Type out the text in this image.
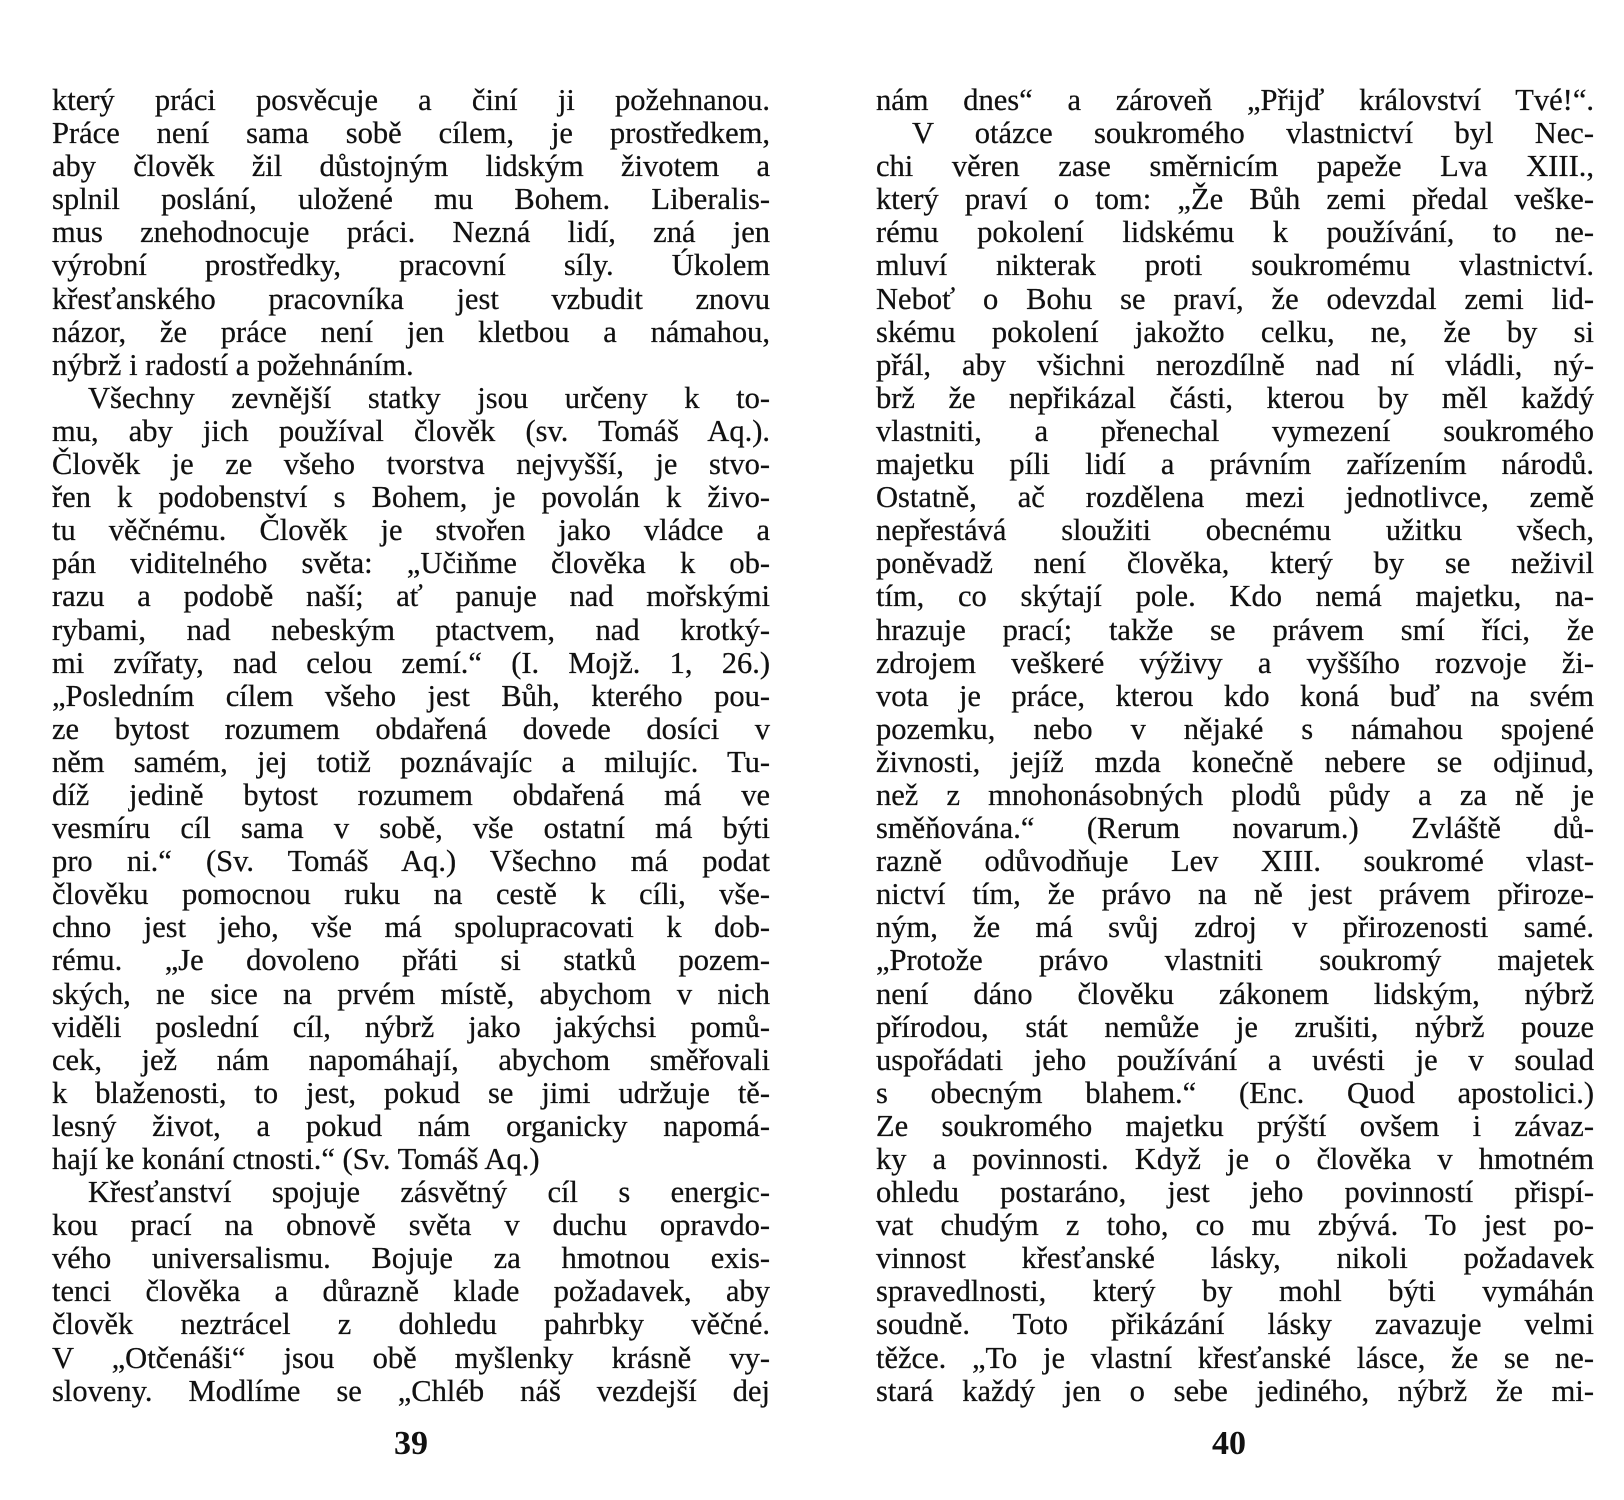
který práci posvěcuje a činí ji požehnanou.
Práce není sama sobě cílem, je prostředkem,
aby člověk žil důstojným lidským životem a
splnil poslání, uložené mu Bohem. Liberalis-
mus znehodnocuje práci. Nezná lidí, zná jen
výrobní prostředky, pracovní síly. Úkolem
křesťanského pracovníka jest vzbudit znovu
názor, že práce není jen kletbou a námahou,
nýbrž i radostí a požehnáním.
Všechny zevnější statky jsou určeny k to-
mu, aby jich používal člověk (sv. Tomáš Aq.).
Člověk je ze všeho tvorstva nejvyšší, je stvo-
řen k podobenství s Bohem, je povolán k živo-
tu věčnému. Člověk je stvořen jako vládce a
pán viditelného světa: „Učiňme člověka k ob-
razu a podobě naší; ať panuje nad mořskými
rybami, nad nebeským ptactvem, nad krotký-
mi zvířaty, nad celou zemí.“ (I. Mojž. 1, 26.)
„Posledním cílem všeho jest Bůh, kterého pou-
ze bytost rozumem obdařená dovede dosíci v
něm samém, jej totiž poznávajíc a milujíc. Tu-
díž jedině bytost rozumem obdařená má ve
vesmíru cíl sama v sobě, vše ostatní má býti
pro ni.“ (Sv. Tomáš Aq.) Všechno má podat
člověku pomocnou ruku na cestě k cíli, vše-
chno jest jeho, vše má spolupracovati k dob-
rému. „Je dovoleno přáti si statků pozem-
ských, ne sice na prvém místě, abychom v nich
viděli poslední cíl, nýbrž jako jakýchsi pomů-
cek, jež nám napomáhají, abychom směřovali
k blaženosti, to jest, pokud se jimi udržuje tě-
lesný život, a pokud nám organicky napomá-
hají ke konání ctnosti.“ (Sv. Tomáš Aq.)
Křesťanství spojuje zásvětný cíl s energic-
kou prací na obnově světa v duchu opravdo-
vého universalismu. Bojuje za hmotnou exis-
tenci člověka a důrazně klade požadavek, aby
člověk neztrácel z dohledu pahrbky věčné.
V „Otčenáši“ jsou obě myšlenky krásně vy-
sloveny. Modlíme se „Chléb náš vezdejší dej
nám dnes“ a zároveň „Přijď království Tvé!“.
V otázce soukromého vlastnictví byl Nec-
chi věren zase směrnicím papeže Lva XIII.,
který praví o tom: „Že Bůh zemi předal veške-
rému pokolení lidskému k používání, to ne-
mluví nikterak proti soukromému vlastnictví.
Neboť o Bohu se praví, že odevzdal zemi lid-
skému pokolení jakožto celku, ne, že by si
přál, aby všichni nerozdílně nad ní vládli, ný-
brž že nepřikázal části, kterou by měl každý
vlastniti, a přenechal vymezení soukromého
majetku píli lidí a právním zařízením národů.
Ostatně, ač rozdělena mezi jednotlivce, země
nepřestává sloužiti obecnému užitku všech,
poněvadž není člověka, který by se neživil
tím, co skýtají pole. Kdo nemá majetku, na-
hrazuje prací; takže se právem smí říci, že
zdrojem veškeré výživy a vyššího rozvoje ži-
vota je práce, kterou kdo koná buď na svém
pozemku, nebo v nějaké s námahou spojené
živnosti, jejíž mzda konečně nebere se odjinud,
než z mnohonásobných plodů půdy a za ně je
směňována.“ (Rerum novarum.) Zvláště dů-
razně odůvodňuje Lev XIII. soukromé vlast-
nictví tím, že právo na ně jest právem přiroze-
ným, že má svůj zdroj v přirozenosti samé.
„Protože právo vlastniti soukromý majetek
není dáno člověku zákonem lidským, nýbrž
přírodou, stát nemůže je zrušiti, nýbrž pouze
uspořádati jeho používání a uvésti je v soulad
s obecným blahem.“ (Enc. Quod apostolici.)
Ze soukromého majetku prýští ovšem i závaz-
ky a povinnosti. Když je o člověka v hmotném
ohledu postaráno, jest jeho povinností přispí-
vat chudým z toho, co mu zbývá. To jest po-
vinnost křesťanské lásky, nikoli požadavek
spravedlnosti, který by mohl býti vymáhán
soudně. Toto přikázání lásky zavazuje velmi
těžce. „To je vlastní křesťanské lásce, že se ne-
stará každý jen o sebe jediného, nýbrž že mi-
39	40
